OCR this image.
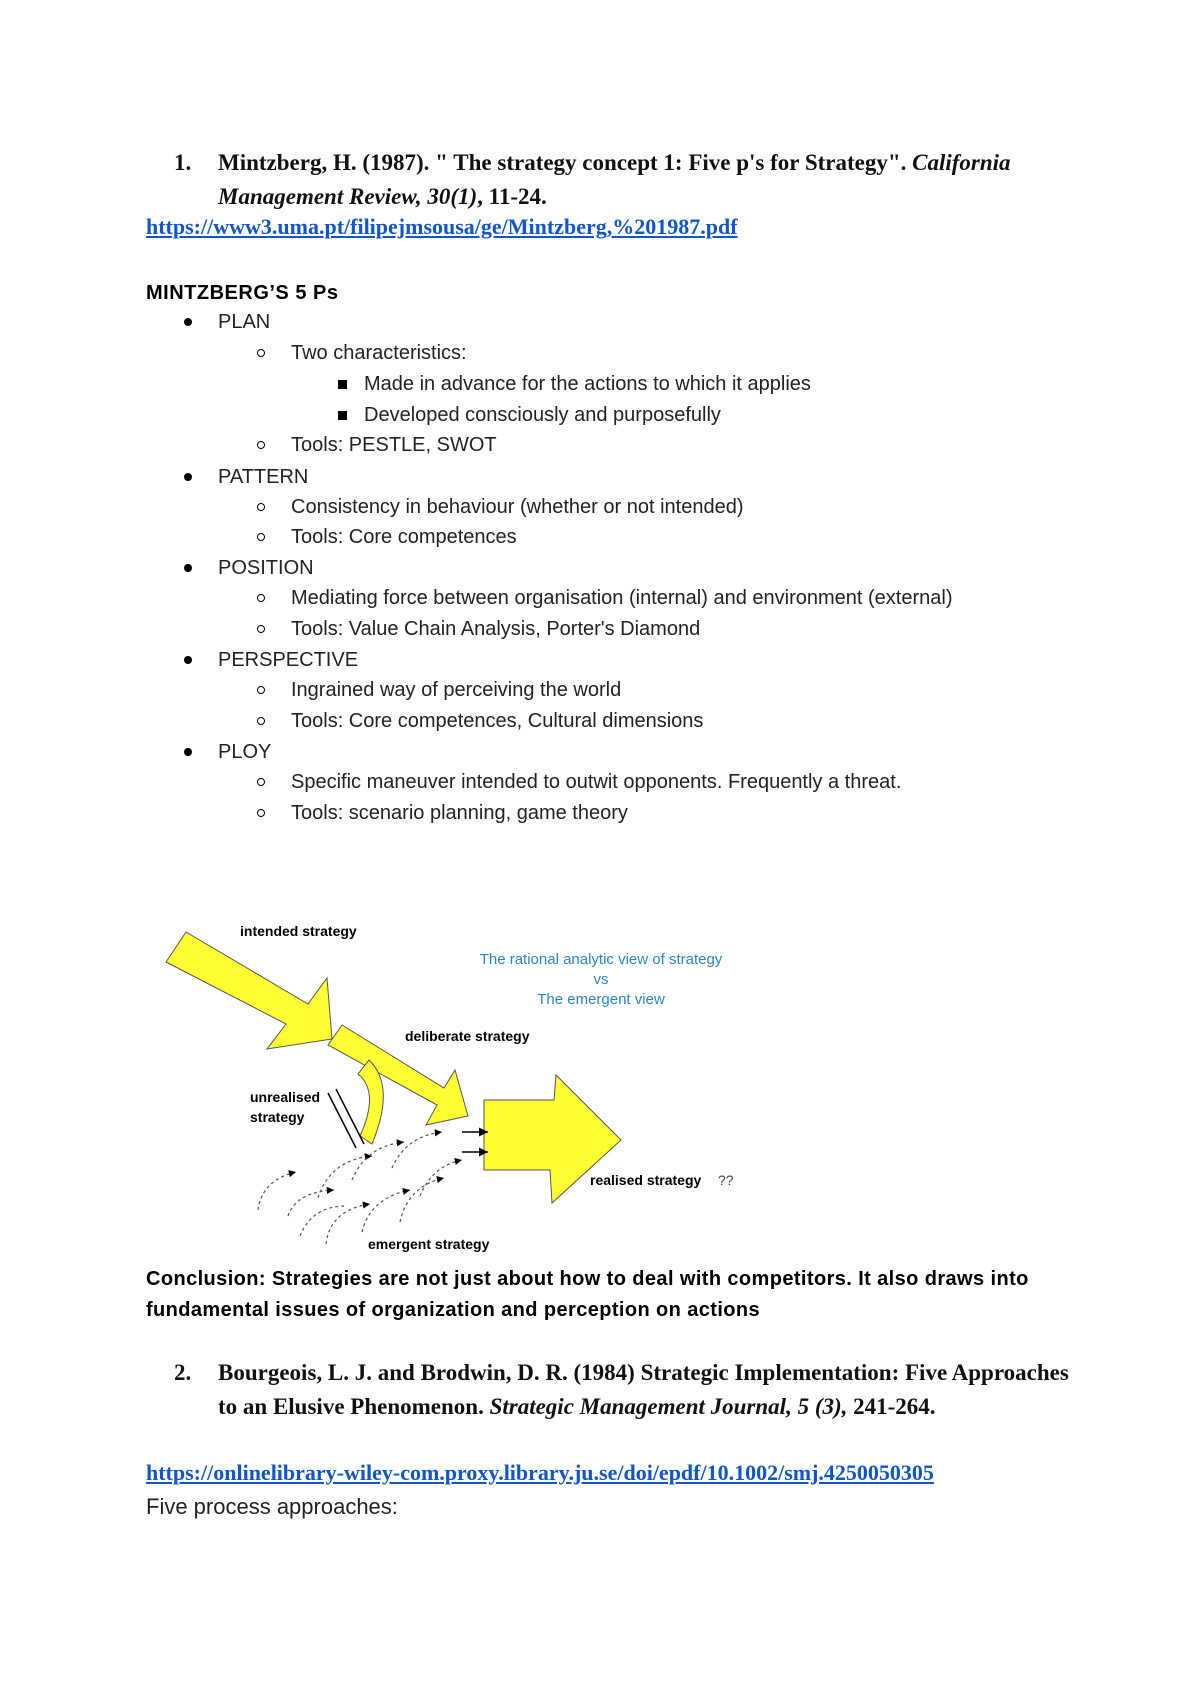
1.	Mintzberg, H. (1987). " The strategy concept 1: Five p's for Strategy". California Management Review, 30(1), 11-24.
https://www3.uma.pt/filipejmsousa/ge/Mintzberg,%201987.pdf
MINTZBERG’S 5 Ps
PLAN
Two characteristics:
Made in advance for the actions to which it applies
Developed consciously and purposefully
Tools: PESTLE, SWOT
PATTERN
Consistency in behaviour (whether or not intended)
Tools: Core competences
POSITION
Mediating force between organisation (internal) and environment (external)
Tools: Value Chain Analysis, Porter's Diamond
PERSPECTIVE
Ingrained way of perceiving the world
Tools: Core competences, Cultural dimensions
PLOY
Specific maneuver intended to outwit opponents. Frequently a threat.
Tools: scenario planning, game theory
intended strategy
deliberate strategy
unrealised
strategy
realised strategy ??
emergent strategy
The rational analytic view of strategy
vs
The emergent view
Conclusion: Strategies are not just about how to deal with competitors. It also draws into fundamental issues of organization and perception on actions
2.	Bourgeois, L. J. and Brodwin, D. R. (1984) Strategic Implementation: Five Approaches to an Elusive Phenomenon. Strategic Management Journal, 5 (3), 241-264.
https://onlinelibrary-wiley-com.proxy.library.ju.se/doi/epdf/10.1002/smj.4250050305
Five process approaches:
